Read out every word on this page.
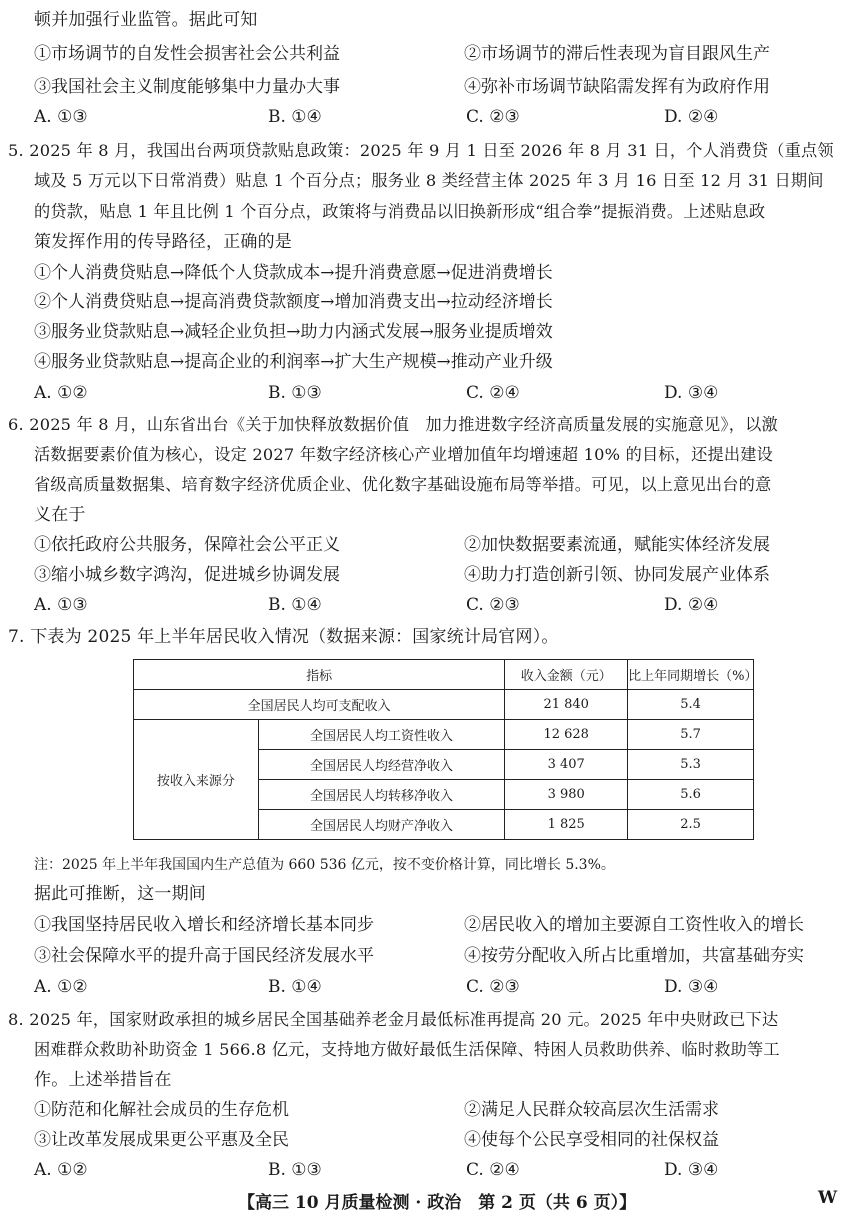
顿并加强行业监管。据此可知
①市场调节的自发性会损害社会公共利益	②市场调节的滞后性表现为盲目跟风生产
③我国社会主义制度能够集中力量办大事	④弥补市场调节缺陷需发挥有为政府作用
A. ①③	B. ①④	C. ②③	D. ②④
5. 2025 年 8 月，我国出台两项贷款贴息政策：2025 年 9 月 1 日至 2026 年 8 月 31 日，个人消费贷（重点领
域及 5 万元以下日常消费）贴息 1 个百分点；服务业 8 类经营主体 2025 年 3 月 16 日至 12 月 31 日期间
的贷款，贴息 1 年且比例 1 个百分点，政策将与消费品以旧换新形成“组合拳”提振消费。上述贴息政
策发挥作用的传导路径，正确的是
①个人消费贷贴息→降低个人贷款成本→提升消费意愿→促进消费增长
②个人消费贷贴息→提高消费贷款额度→增加消费支出→拉动经济增长
③服务业贷款贴息→减轻企业负担→助力内涵式发展→服务业提质增效
④服务业贷款贴息→提高企业的利润率→扩大生产规模→推动产业升级
A. ①②	B. ①③	C. ②④	D. ③④
6. 2025 年 8 月，山东省出台《关于加快释放数据价值　加力推进数字经济高质量发展的实施意见》，以激
活数据要素价值为核心，设定 2027 年数字经济核心产业增加值年均增速超 10% 的目标，还提出建设
省级高质量数据集、培育数字经济优质企业、优化数字基础设施布局等举措。可见，以上意见出台的意
义在于
①依托政府公共服务，保障社会公平正义	②加快数据要素流通，赋能实体经济发展
③缩小城乡数字鸿沟，促进城乡协调发展	④助力打造创新引领、协同发展产业体系
A. ①③	B. ①④	C. ②③	D. ②④
7. 下表为 2025 年上半年居民收入情况（数据来源：国家统计局官网）。
指标		收入金额（元）	比上年同期增长（%）
全国居民人均可支配收入		21 840	5.4
按收入来源分	全国居民人均工资性收入	12 628	5.7
	全国居民人均经营净收入	3 407	5.3
	全国居民人均转移净收入	3 980	5.6
	全国居民人均财产净收入	1 825	2.5
注：2025 年上半年我国国内生产总值为 660 536 亿元，按不变价格计算，同比增长 5.3%。
据此可推断，这一期间
①我国坚持居民收入增长和经济增长基本同步	②居民收入的增加主要源自工资性收入的增长
③社会保障水平的提升高于国民经济发展水平	④按劳分配收入所占比重增加，共富基础夯实
A. ①②	B. ①④	C. ②③	D. ③④
8. 2025 年，国家财政承担的城乡居民全国基础养老金月最低标准再提高 20 元。2025 年中央财政已下达
困难群众救助补助资金 1 566.8 亿元，支持地方做好最低生活保障、特困人员救助供养、临时救助等工
作。上述举措旨在
①防范和化解社会成员的生存危机	②满足人民群众较高层次生活需求
③让改革发展成果更公平惠及全民	④使每个公民享受相同的社保权益
A. ①②	B. ①③	C. ②④	D. ③④
【高三 10 月质量检测 · 政治　第 2 页（共 6 页）】	W
